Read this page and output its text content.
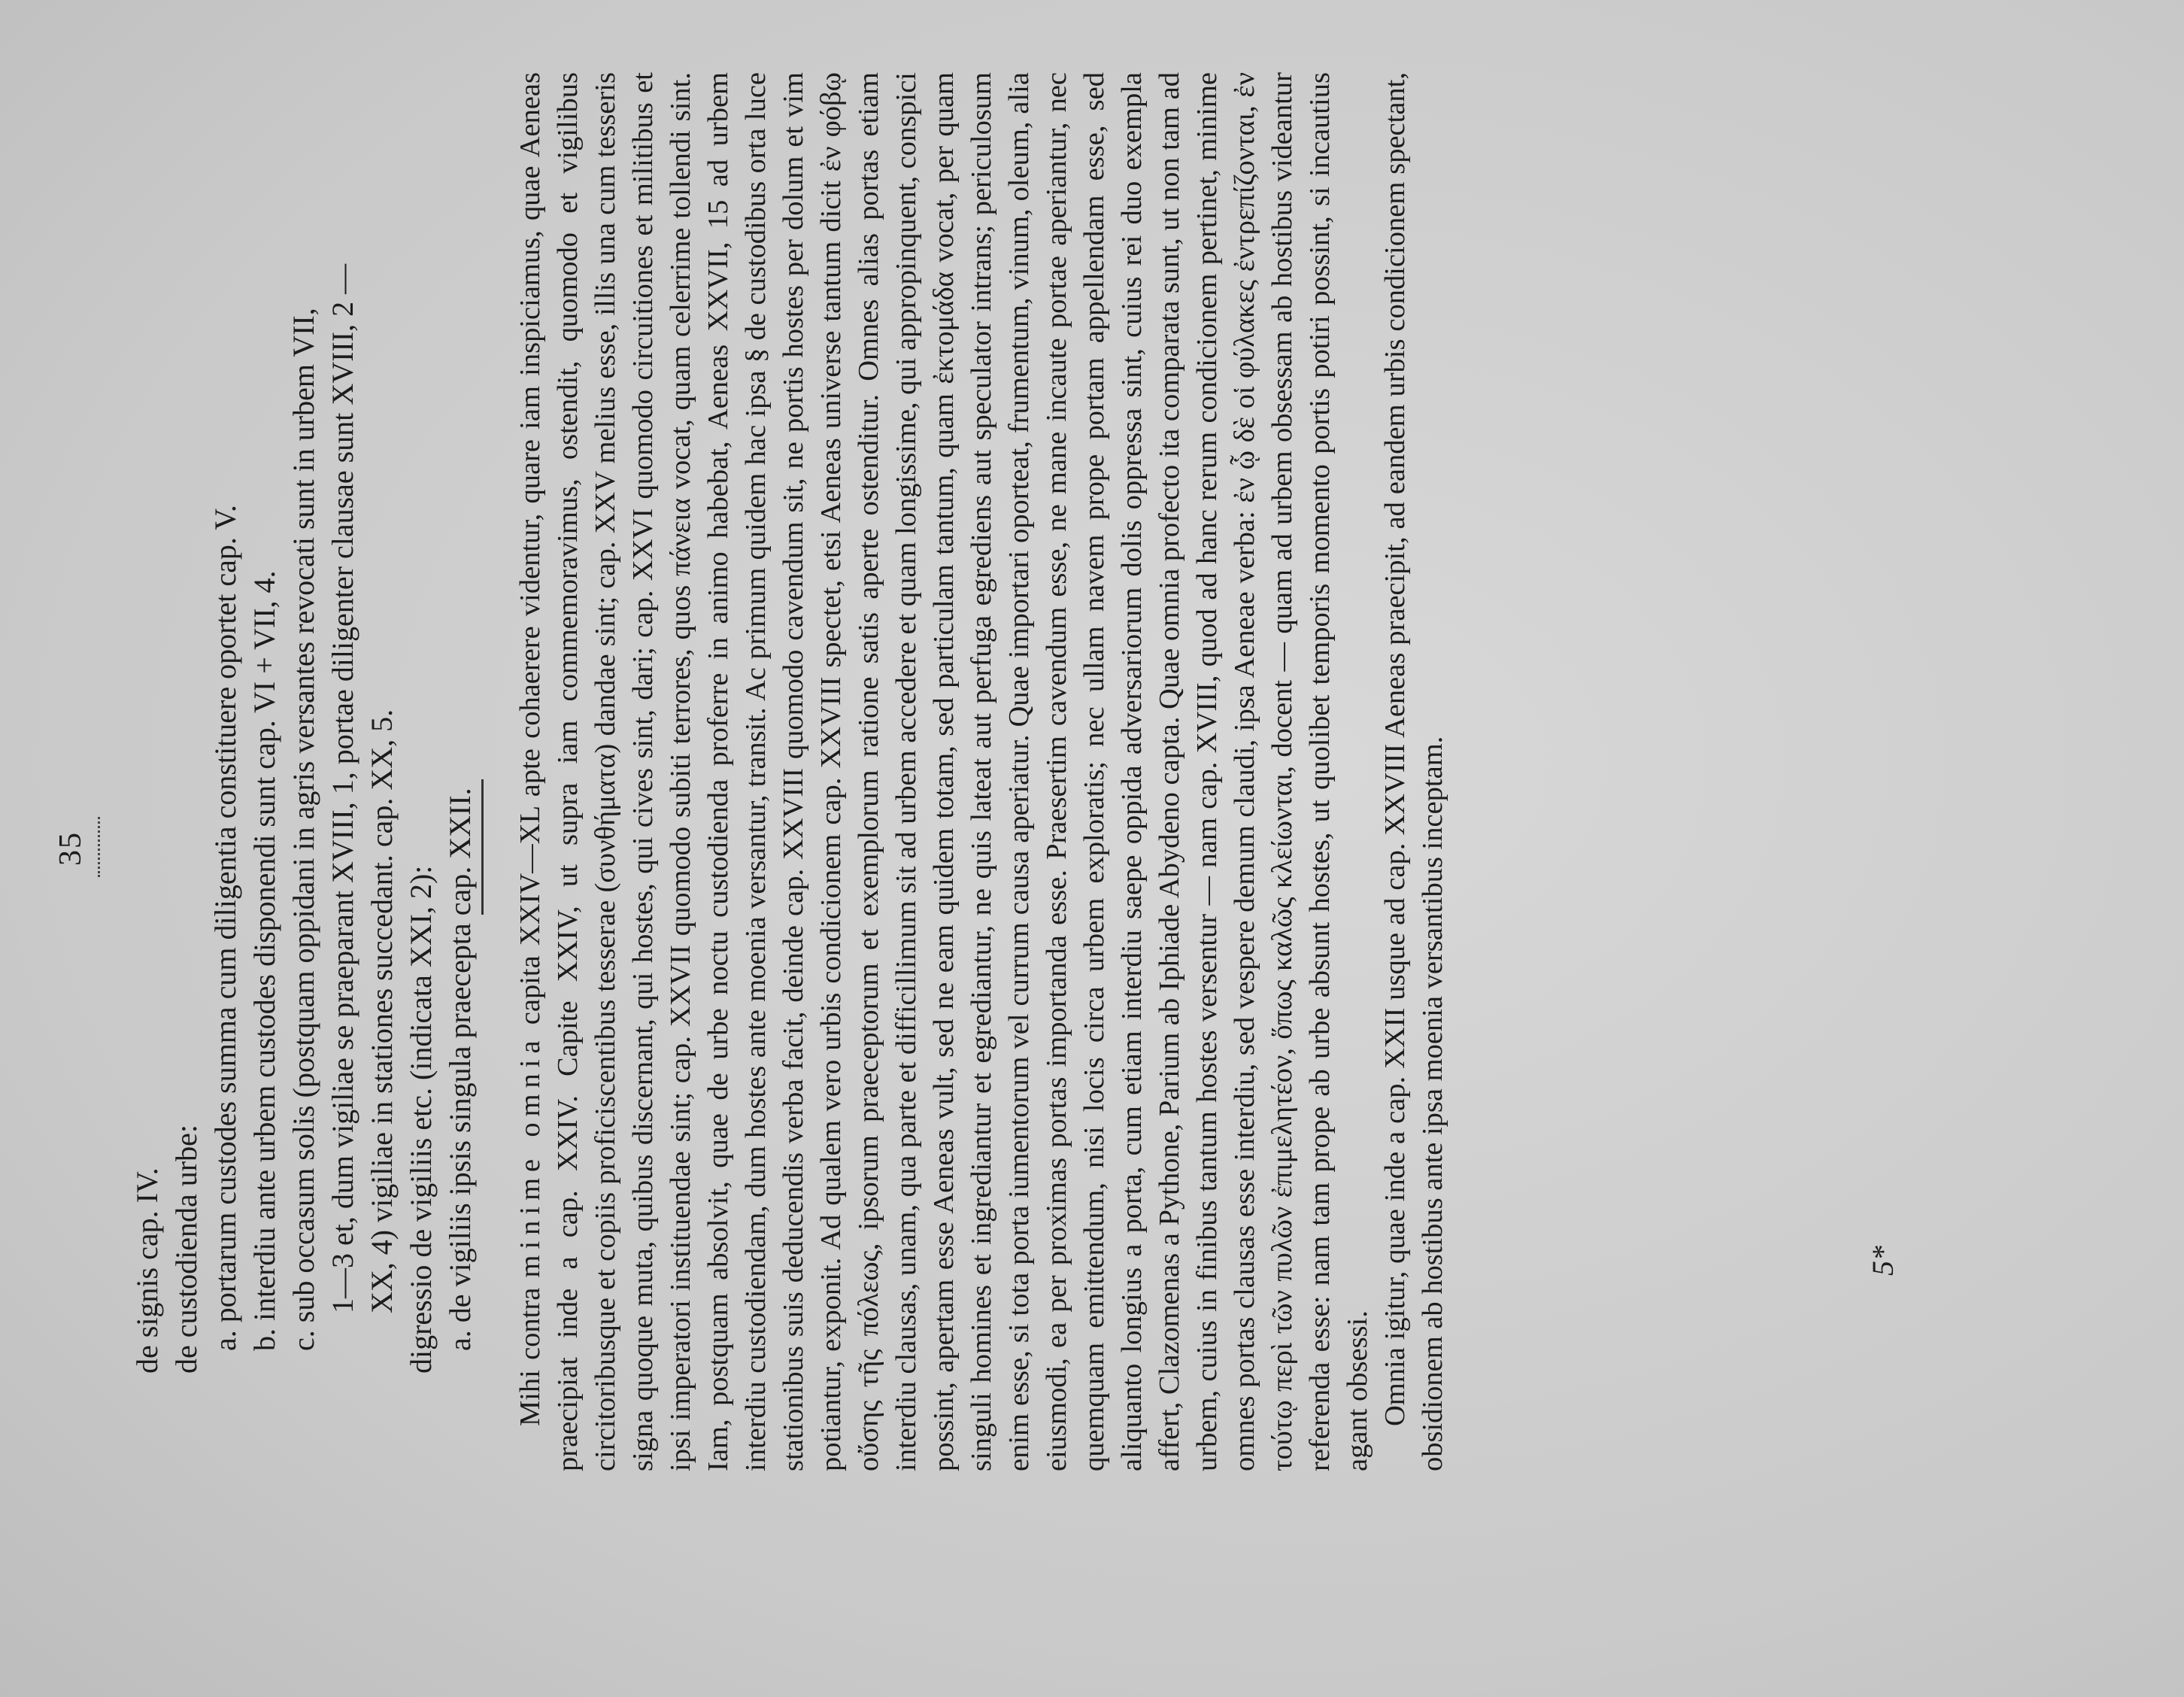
35
de signis cap. IV. de custodienda urbe: a. portarum custodes summa cum diligentia constituere oportet cap. V. b. interdiu ante urbem custodes disponendi sunt cap. VI + VII, 4. c. sub occasum solis (postquam oppidani in agris versantes revocati sunt in urbem VII, 1—3 et, dum vigiliae se praeparant XVIII, 1, portae diligenter clausae sunt XVIII, 2 — XX, 4) vigiliae in stationes succedant. cap. XX, 5. digressio de vigiliis etc. (indicata XXI, 2): a. de vigiliis ipsis singula praecepta cap. XXII.

Mihi contra minime omnia capita XXIV—XL apte cohaerere videntur, quare iam inspiciamus, quae Aeneas praecipiat inde a cap. XXIV. Capite XXIV, ut supra iam commemoravimus, ostendit, quomodo et vigilibus circitoribusque et copiis proficiscentibus tesserae (συνθήματα) dandae sint; cap. XXV melius esse, illis una cum tesseris signa quoque muta, quibus discernant, qui hostes, qui cives sint, dari; cap. XXVI quomodo circuitiones et militibus et ipsi imperatori instituendae sint; cap. XXVII quomodo subiti terrores, quos πάνεια vocat, quam celerrime tollendi sint. Iam, postquam absolvit, quae de urbe noctu custodienda proferre in animo habebat, Aeneas XXVII, 15 ad urbem interdiu custodiendam, dum hostes ante moenia versantur, transit. Ac primum quidem hac ipsa § de custodibus orta luce stationibus suis deducendis verba facit, deinde cap. XXVIII quomodo cavendum sit, ne portis hostes per dolum et vim potiantur, exponit. Ad qualem vero urbis condicionem cap. XXVIII spectet, etsi Aeneas universe tantum dicit ἐν φόβῳ οὔσης τῆς πόλεως, ipsorum praeceptorum et exemplorum ratione satis aperte ostenditur. Omnes alias portas etiam interdiu clausas, unam, qua parte et difficillimum sit ad urbem accedere et quam longissime, qui appropinquent, conspici possint, apertam esse Aeneas vult, sed ne eam quidem totam, sed particulam tantum, quam ἐκτομάδα vocat, per quam singuli homines et ingrediantur et egrediantur, ne quis lateat aut perfuga egrediens aut speculator intrans; periculosum enim esse, si tota porta iumentorum vel currum causa aperiatur. Quae importari oporteat, frumentum, vinum, oleum, alia eiusmodi, ea per proximas portas importanda esse. Praesertim cavendum esse, ne mane incaute portae aperiantur, nec quemquam emittendum, nisi locis circa urbem exploratis; nec ullam navem prope portam appellendam esse, sed aliquanto longius a porta, cum etiam interdiu saepe oppida adversariorum dolis oppressa sint, cuius rei duo exempla affert, Clazomenas a Pythone, Parium ab Iphiade Abydeno capta. Quae omnia profecto ita comparata sunt, ut non tam ad urbem, cuius in finibus tantum hostes versentur — nam cap. XVIII, quod ad hanc rerum condicionem pertinet, minime omnes portas clausas esse interdiu, sed vespere demum claudi, ipsa Aeneae verba: ἐν ᾧ δὲ οἱ φύλακες ἐντρεπίζονται, ἐν τούτῳ περὶ τῶν πυλῶν ἐπιμελητέον, ὅπως καλῶς κλείωνται, docent — quam ad urbem obsessam ab hostibus videantur referenda esse: nam tam prope ab urbe absunt hostes, ut quolibet temporis momento portis potiri possint, si incautius agant obsessi. Omnia igitur, quae inde a cap. XXII usque ad cap. XXVIII Aeneas praecipit, ad eandem urbis condicionem spectant, obsidionem ab hostibus ante ipsa moenia versantibus inceptam.	5*
